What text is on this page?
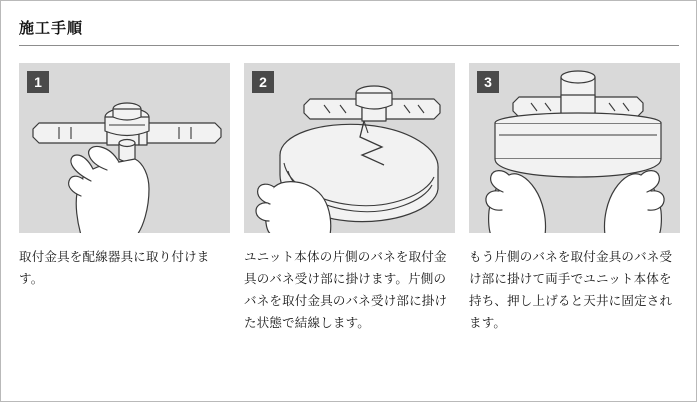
施工手順
1
取付金具を配線器具に取り付けます。
2
ユニット本体の片側のバネを取付金具のバネ受け部に掛けます。片側のバネを取付金具のバネ受け部に掛けた状態で結線します。
3
もう片側のバネを取付金具のバネ受け部に掛けて両手でユニット本体を持ち、押し上げると天井に固定されます。
